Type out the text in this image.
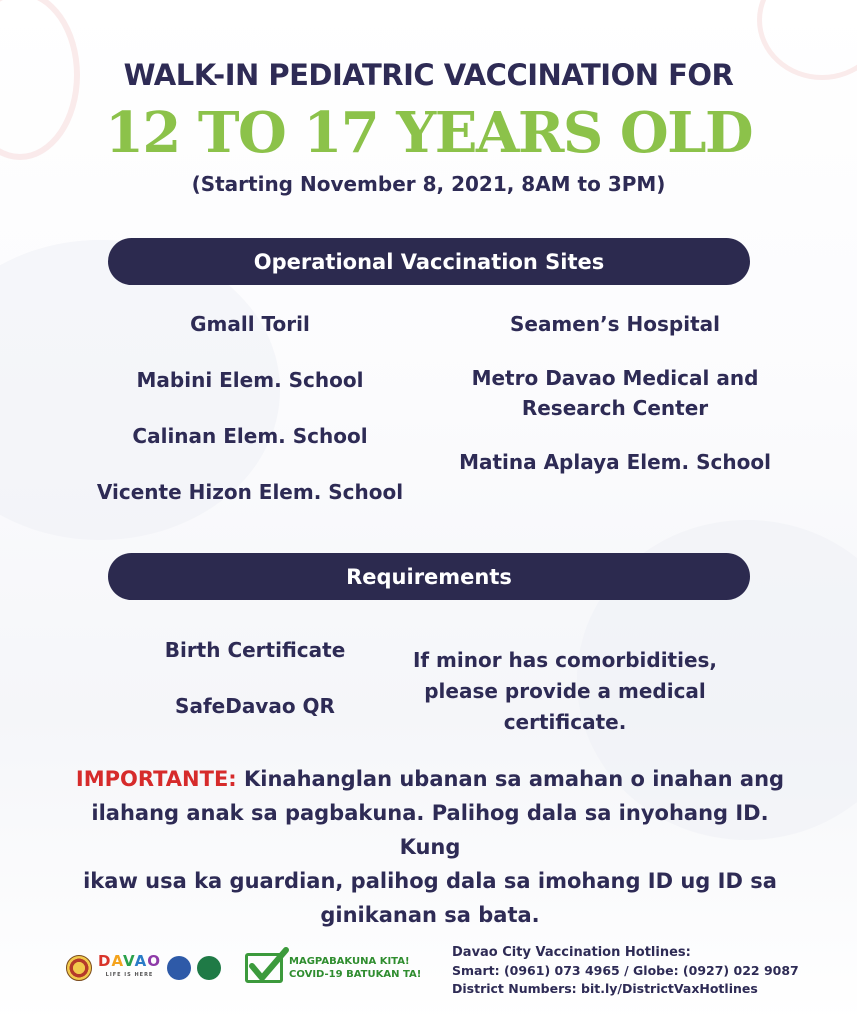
WALK-IN PEDIATRIC VACCINATION FOR
12 TO 17 YEARS OLD
(Starting November 8, 2021, 8AM to 3PM)
Operational Vaccination Sites
Gmall Toril
Mabini Elem. School
Calinan Elem. School
Vicente Hizon Elem. School
Seamen’s Hospital
Metro Davao Medical and
Research Center
Matina Aplaya Elem. School
Requirements
Birth Certificate
SafeDavao QR
If minor has comorbidities,
please provide a medical
certificate.
IMPORTANTE: Kinahanglan ubanan sa amahan o inahan ang
ilahang anak sa pagbakuna. Palihog dala sa inyohang ID. Kung
ikaw usa ka guardian, palihog dala sa imohang ID ug ID sa
ginikanan sa bata.
DAVAO
LIFE IS HERE
MAGPABAKUNA KITA!
COVID-19 BATUKAN TA!
Davao City Vaccination Hotlines:
Smart: (0961) 073 4965 / Globe: (0927) 022 9087
District Numbers: bit.ly/DistrictVaxHotlines
